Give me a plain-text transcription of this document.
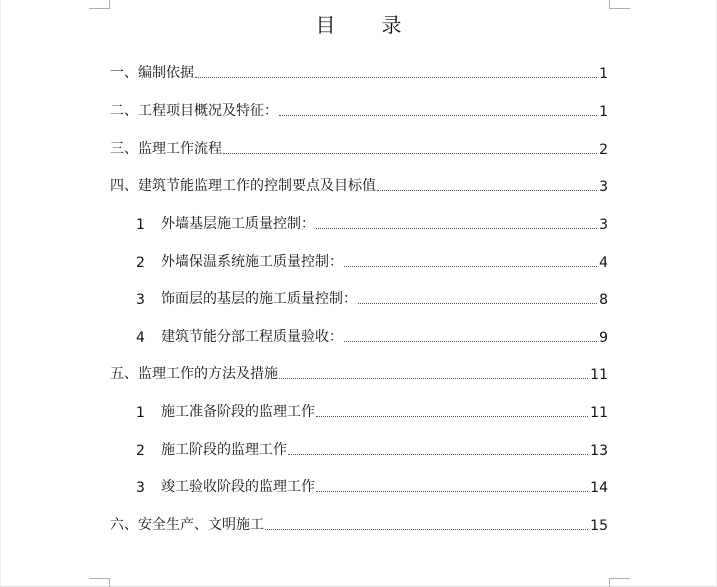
目 录
一、编制依据	1
二、工程项目概况及特征：	1
三、监理工作流程	2
四、建筑节能监理工作的控制要点及目标值	3
1	外墙基层施工质量控制：	3
2	外墙保温系统施工质量控制：	4
3	饰面层的基层的施工质量控制：	8
4	建筑节能分部工程质量验收：	9
五、监理工作的方法及措施	11
1	施工准备阶段的监理工作	11
2	施工阶段的监理工作	13
3	竣工验收阶段的监理工作	14
六、安全生产、文明施工	15
